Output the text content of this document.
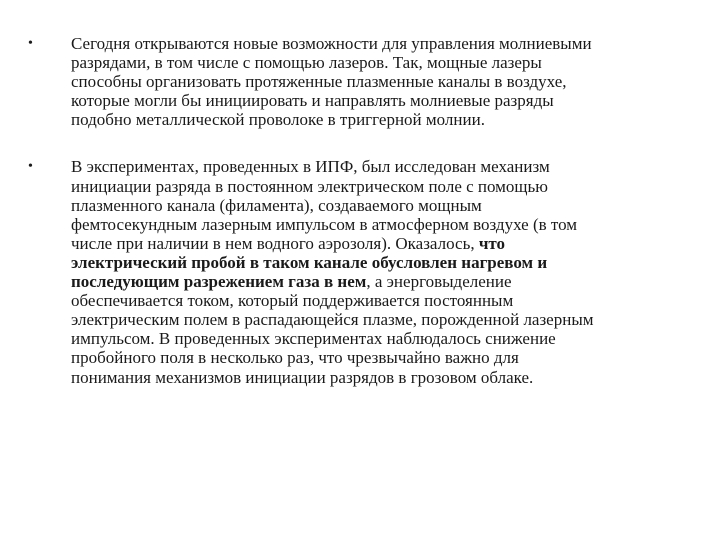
• Сегодня открываются новые возможности для управления молниевыми
разрядами, в том числе с помощью лазеров. Так, мощные лазеры
способны организовать протяженные плазменные каналы в воздухе,
которые могли бы инициировать и направлять молниевые разряды
подобно металлической проволоке в триггерной молнии.
• В экспериментах, проведенных в ИПФ, был исследован механизм
инициации разряда в постоянном электрическом поле с помощью
плазменного канала (филамента), создаваемого мощным
фемтосекундным лазерным импульсом в атмосферном воздухе (в том
числе при наличии в нем водного аэрозоля). Оказалось, что
электрический пробой в таком канале обусловлен нагревом и
последующим разрежением газа в нем, а энерговыделение
обеспечивается током, который поддерживается постоянным
электрическим полем в распадающейся плазме, порожденной лазерным
импульсом. В проведенных экспериментах наблюдалось снижение
пробойного поля в несколько раз, что чрезвычайно важно для
понимания механизмов инициации разрядов в грозовом облаке.
